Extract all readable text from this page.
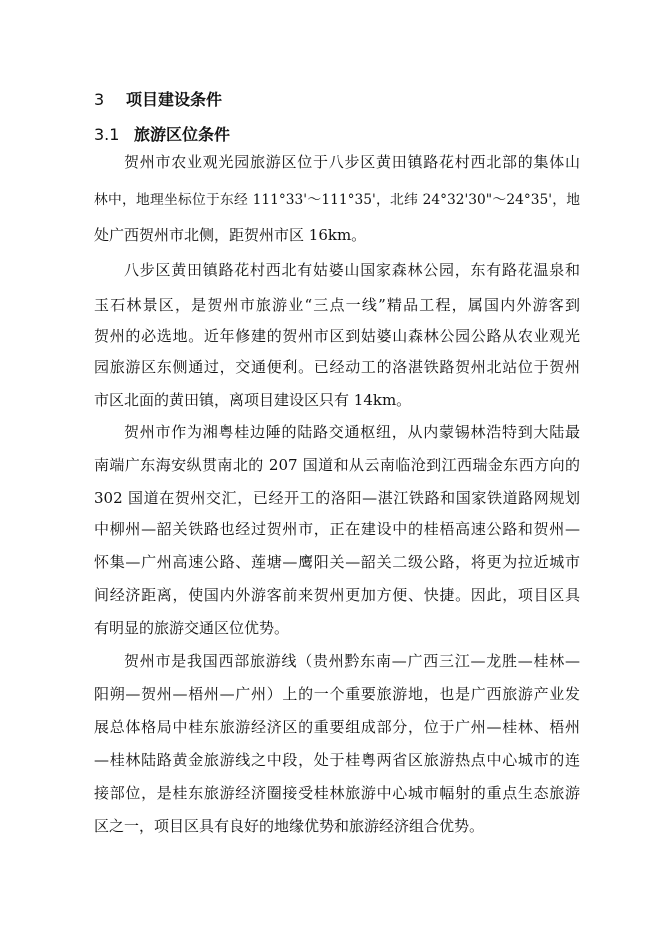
3 项目建设条件
3.1 旅游区位条件
贺州市农业观光园旅游区位于八步区黄田镇路花村西北部的集体山
林中，地理坐标位于东经 111°33'～111°35'，北纬 24°32'30"～24°35'，地
处广西贺州市北侧，距贺州市区 16km。
八步区黄田镇路花村西北有姑婆山国家森林公园，东有路花温泉和
玉石林景区，是贺州市旅游业“三点一线”精品工程，属国内外游客到
贺州的必选地。近年修建的贺州市区到姑婆山森林公园公路从农业观光
园旅游区东侧通过，交通便利。已经动工的洛湛铁路贺州北站位于贺州
市区北面的黄田镇，离项目建设区只有 14km。
贺州市作为湘粤桂边陲的陆路交通枢纽，从内蒙锡林浩特到大陆最
南端广东海安纵贯南北的 207 国道和从云南临沧到江西瑞金东西方向的
302 国道在贺州交汇，已经开工的洛阳—湛江铁路和国家铁道路网规划
中柳州—韶关铁路也经过贺州市，正在建设中的桂梧高速公路和贺州—
怀集—广州高速公路、莲塘—鹰阳关—韶关二级公路，将更为拉近城市
间经济距离，使国内外游客前来贺州更加方便、快捷。因此，项目区具
有明显的旅游交通区位优势。
贺州市是我国西部旅游线（贵州黔东南—广西三江—龙胜—桂林—
阳朔—贺州—梧州—广州）上的一个重要旅游地，也是广西旅游产业发
展总体格局中桂东旅游经济区的重要组成部分，位于广州—桂林、梧州
—桂林陆路黄金旅游线之中段，处于桂粤两省区旅游热点中心城市的连
接部位，是桂东旅游经济圈接受桂林旅游中心城市幅射的重点生态旅游
区之一，项目区具有良好的地缘优势和旅游经济组合优势。
